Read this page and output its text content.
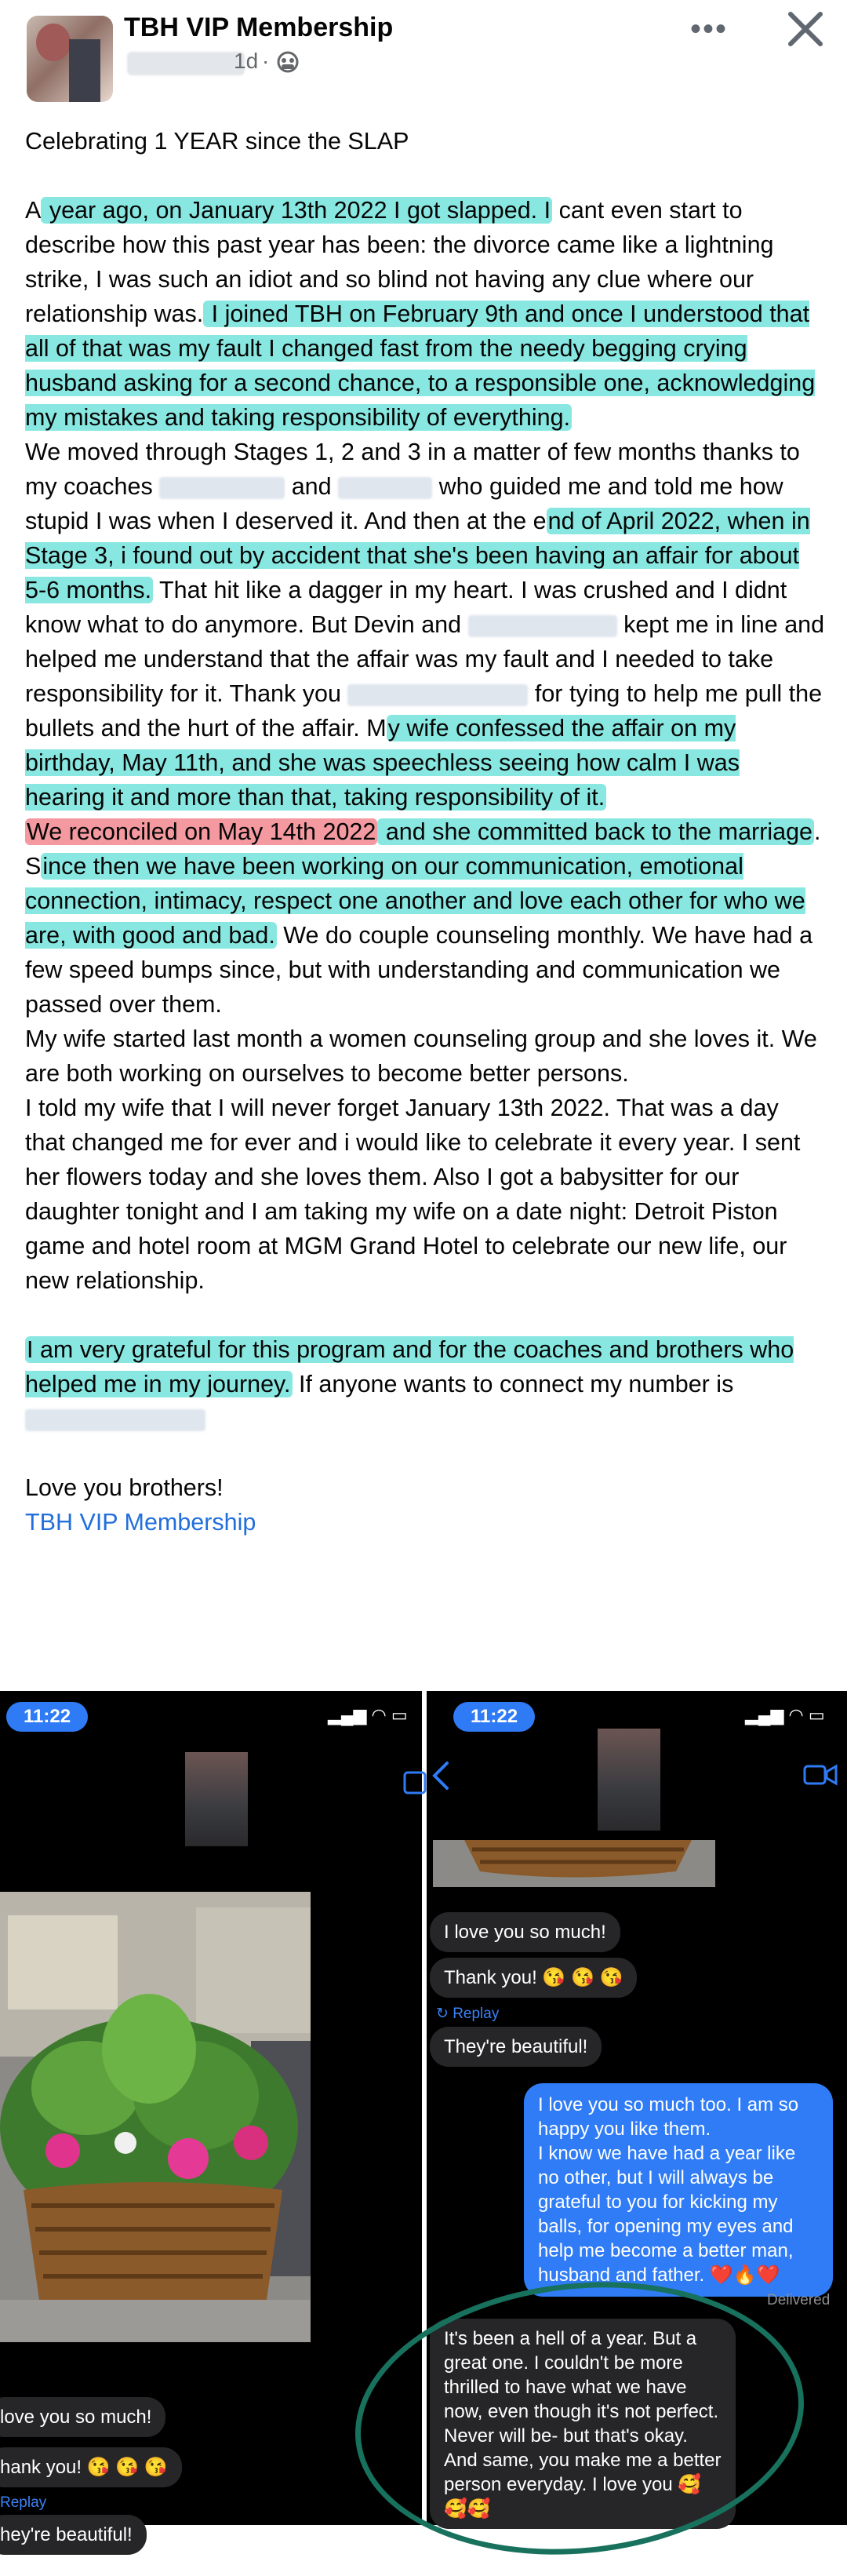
TBH VIP Membership
1d ·
•••

Celebrating 1 YEAR since the SLAP

A year ago, on January 13th 2022 I got slapped. I cant even start to describe how this past year has been: the divorce came like a lightning strike, I was such an idiot and so blind not having any clue where our relationship was. I joined TBH on February 9th and once I understood that all of that was my fault I changed fast from the needy begging crying husband asking for a second chance, to a responsible one, acknowledging my mistakes and taking responsibility of everything.

We moved through Stages 1, 2 and 3 in a matter of few months thanks to my coaches	and	who guided me and told me how stupid I was when I deserved it. And then at the end of April 2022, when in Stage 3, i found out by accident that she's been having an affair for about 5-6 months. That hit like a dagger in my heart. I was crushed and I didnt know what to do anymore. But Devin and	kept me in line and helped me understand that the affair was my fault and I needed to take responsibility for it. Thank you	for tying to help me pull the bullets and the hurt of the affair. My wife confessed the affair on my birthday, May 11th, and she was speechless seeing how calm I was hearing it and more than that, taking responsibility of it.

We reconciled on May 14th 2022 and she committed back to the marriage. Since then we have been working on our communication, emotional connection, intimacy, respect one another and love each other for who we are, with good and bad. We do couple counseling monthly. We have had a few speed bumps since, but with understanding and communication we passed over them.

My wife started last month a women counseling group and she loves it. We are both working on ourselves to become better persons.

I told my wife that I will never forget January 13th 2022. That was a day that changed me for ever and i would like to celebrate it every year. I sent her flowers today and she loves them. Also I got a babysitter for our daughter tonight and I am taking my wife on a date night: Detroit Piston game and hotel room at MGM Grand Hotel to celebrate our new life, our new relationship.

I am very grateful for this program and for the coaches and brothers who helped me in my journey. If anyone wants to connect my number is

Love you brothers!

TBH VIP Membership

11:22	▂▄▆ ◠ ▭
love you so much!
hank you! 😘 😘 😘
Replay
hey're beautiful!
11:22	▂▄▆ ◠ ▭
I love you so much!
Thank you! 😘 😘 😘
↻ Replay
They're beautiful!
I love you so much too. I am so happy you like them.
I know we have had a year like no other, but I will always be grateful to you for kicking my balls, for opening my eyes and help me become a better man, husband and father. ❤️🔥❤️
Delivered
It's been a hell of a year. But a great one. I couldn't be more thrilled to have what we have now, even though it's not perfect. Never will be- but that's okay. And same, you make me a better person everyday. I love you 🥰🥰🥰
